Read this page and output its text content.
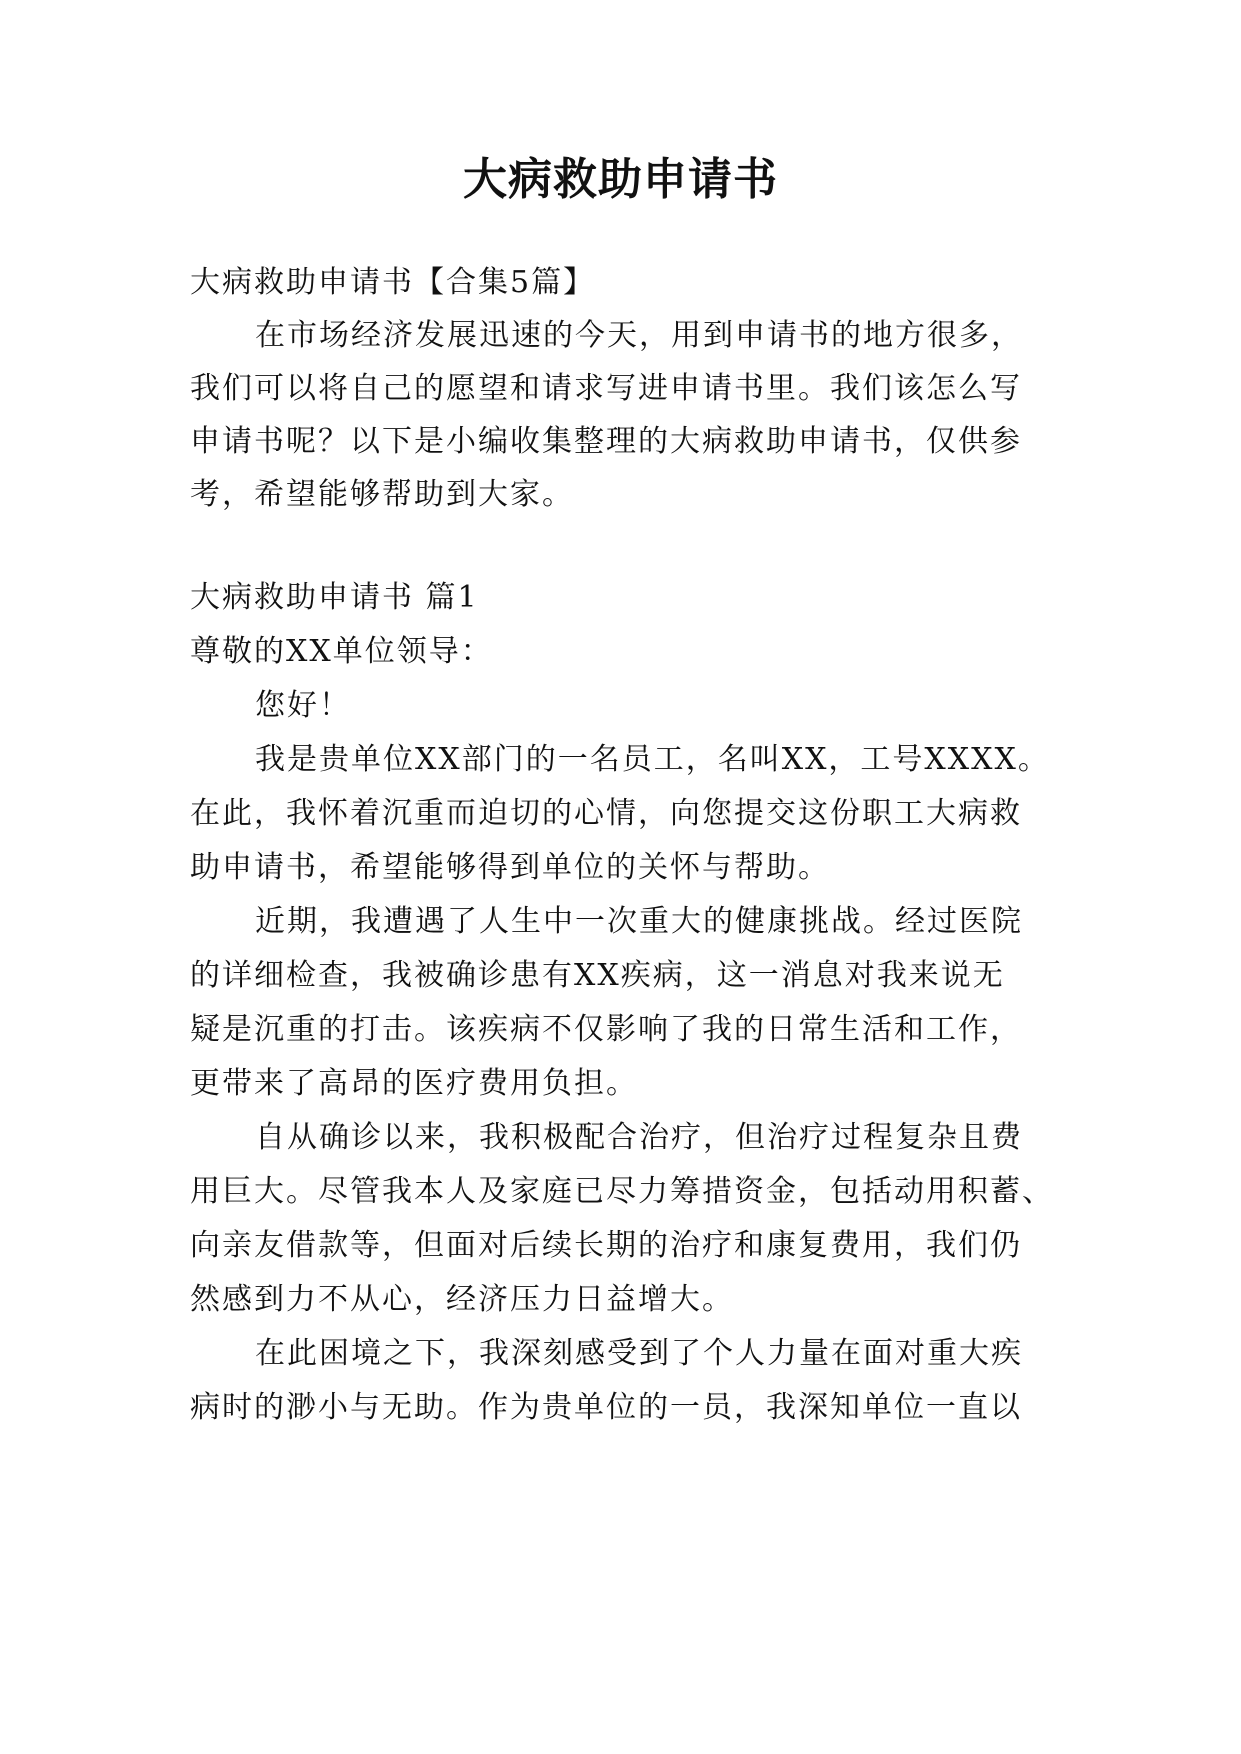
大病救助申请书
大病救助申请书【合集5篇】
在市场经济发展迅速的今天，用到申请书的地方很多，
我们可以将自己的愿望和请求写进申请书里。我们该怎么写
申请书呢？以下是小编收集整理的大病救助申请书，仅供参
考，希望能够帮助到大家。
大病救助申请书 篇1
尊敬的XX单位领导：
您好！
我是贵单位XX部门的一名员工，名叫XX，工号XXXX。
在此，我怀着沉重而迫切的心情，向您提交这份职工大病救
助申请书，希望能够得到单位的关怀与帮助。
近期，我遭遇了人生中一次重大的健康挑战。经过医院
的详细检查，我被确诊患有XX疾病，这一消息对我来说无
疑是沉重的打击。该疾病不仅影响了我的日常生活和工作，
更带来了高昂的医疗费用负担。
自从确诊以来，我积极配合治疗，但治疗过程复杂且费
用巨大。尽管我本人及家庭已尽力筹措资金，包括动用积蓄、
向亲友借款等，但面对后续长期的治疗和康复费用，我们仍
然感到力不从心，经济压力日益增大。
在此困境之下，我深刻感受到了个人力量在面对重大疾
病时的渺小与无助。作为贵单位的一员，我深知单位一直以
